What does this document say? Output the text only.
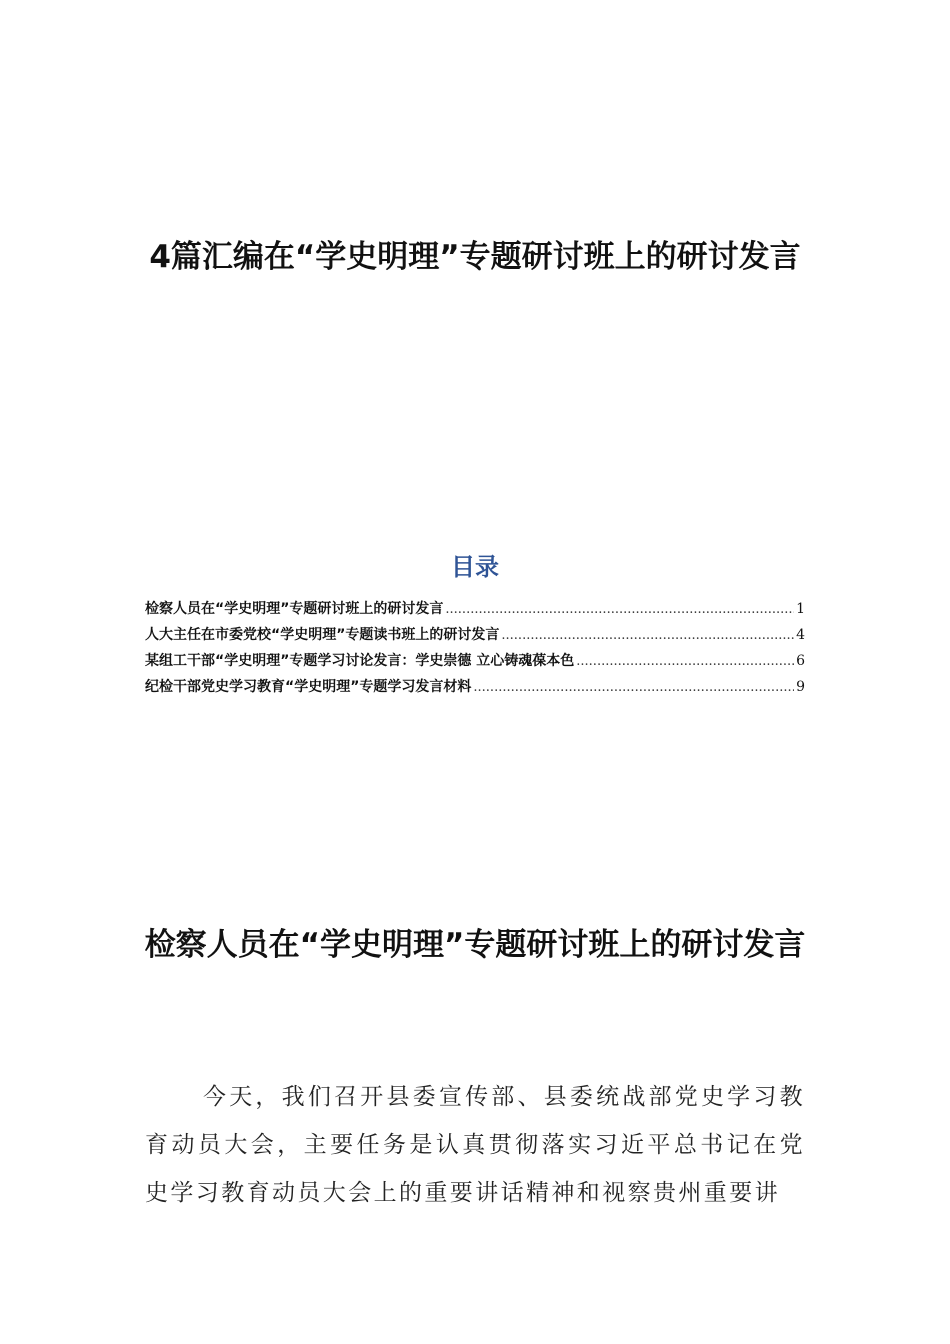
4篇汇编在“学史明理”专题研讨班上的研讨发言
目录
检察人员在“学史明理”专题研讨班上的研讨发言 .....	1
人大主任在市委党校“学史明理”专题读书班上的研讨发言 .....	4
某组工干部“学史明理”专题学习讨论发言：学史崇德 立心铸魂葆本色 .....	6
纪检干部党史学习教育“学史明理”专题学习发言材料 .....	9
检察人员在“学史明理”专题研讨班上的研讨发言

今天，我们召开县委宣传部、县委统战部党史学习教育动员大会，主要任务是认真贯彻落实习近平总书记在党史学习教育动员大会上的重要讲话精神和视察贵州重要讲
